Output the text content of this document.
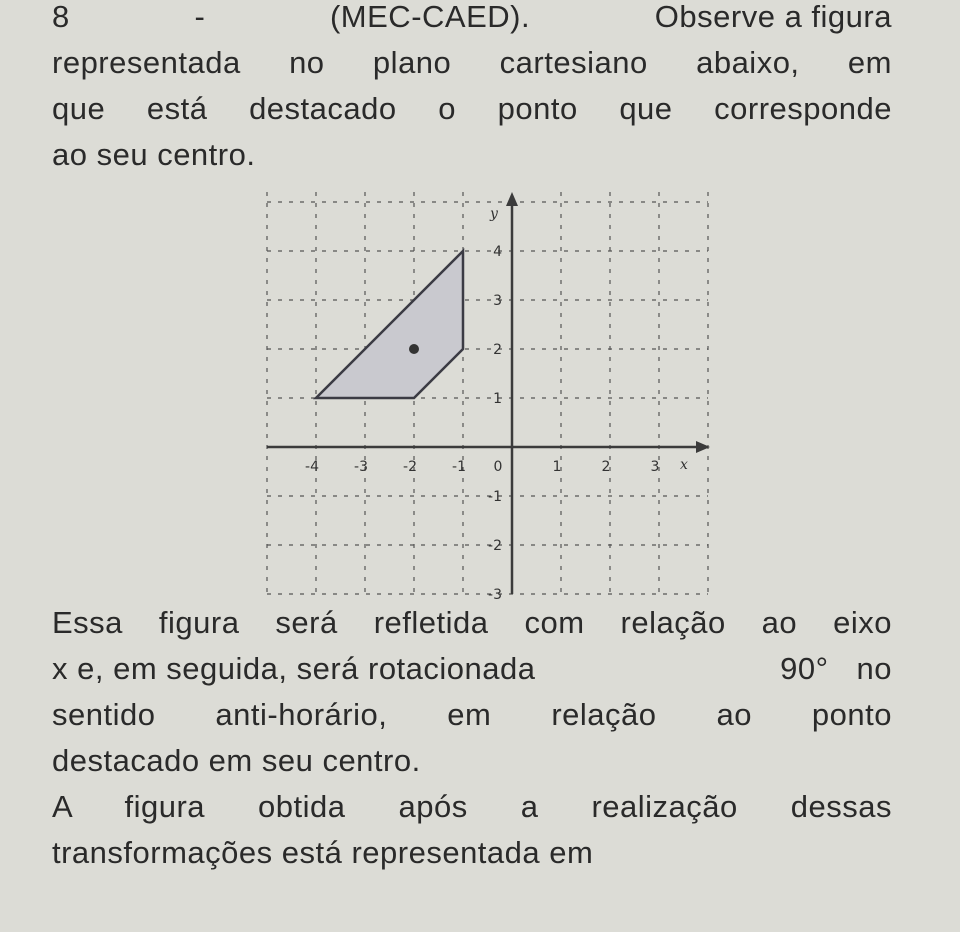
8	-	(MEC-CAED).	Observe a figura
representada no plano cartesiano abaixo, em
que está destacado o ponto que corresponde
ao seu centro.
x
y
-4	-3	-2	-1 0	1	2	3
4
3
2
1
-1
-2
-3
Essa figura será refletida com relação ao eixo
x e, em seguida, será rotacionada	90° no
sentido anti-horário, em relação ao ponto
destacado em seu centro.
A figura obtida após a realização dessas
transformações está representada em
